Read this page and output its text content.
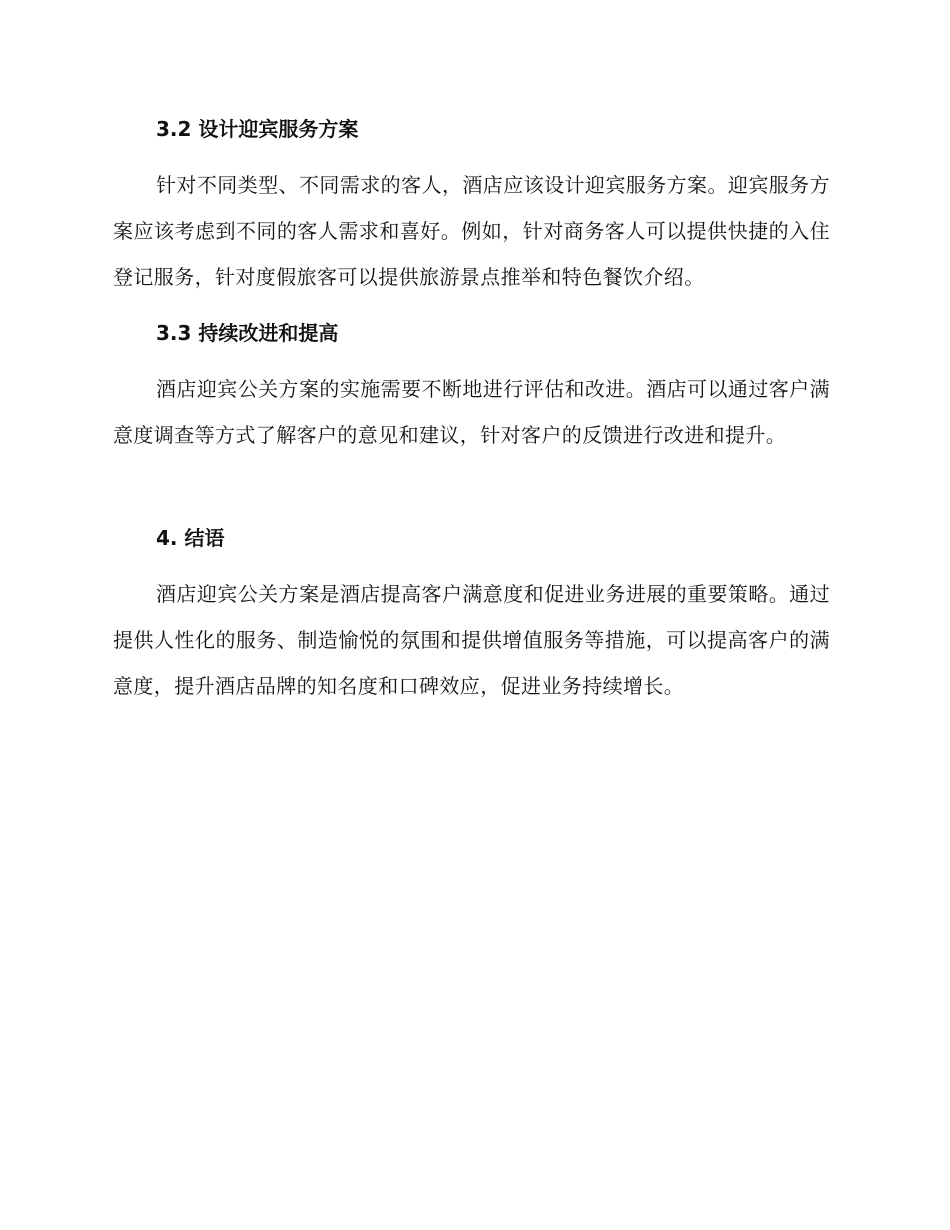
3.2 设计迎宾服务方案

针对不同类型、不同需求的客人，酒店应该设计迎宾服务方案。迎宾服务方案应该考虑到不同的客人需求和喜好。例如，针对商务客人可以提供快捷的入住登记服务，针对度假旅客可以提供旅游景点推举和特色餐饮介绍。

3.3 持续改进和提高

酒店迎宾公关方案的实施需要不断地进行评估和改进。酒店可以通过客户满意度调查等方式了解客户的意见和建议，针对客户的反馈进行改进和提升。

4. 结语

酒店迎宾公关方案是酒店提高客户满意度和促进业务进展的重要策略。通过提供人性化的服务、制造愉悦的氛围和提供增值服务等措施，可以提高客户的满意度，提升酒店品牌的知名度和口碑效应，促进业务持续增长。
